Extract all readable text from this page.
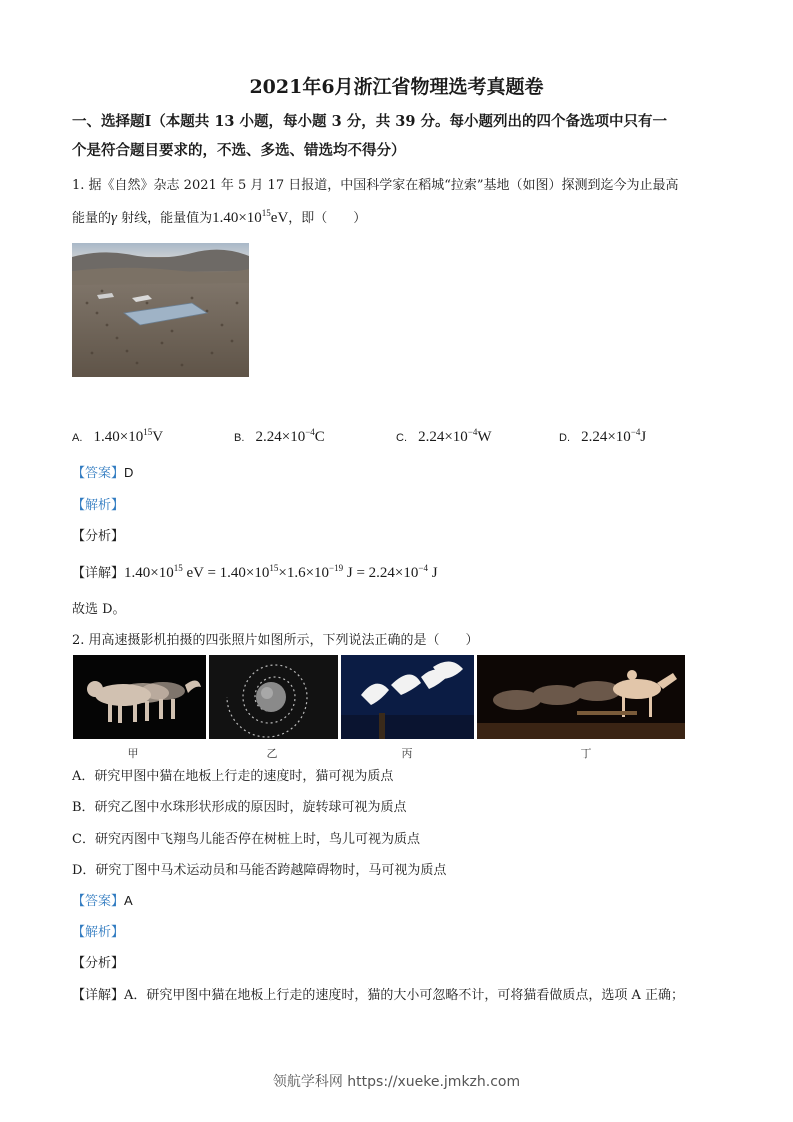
2021年6月浙江省物理选考真题卷
一、选择题Ⅰ（本题共 13 小题，每小题 3 分，共 39 分。每小题列出的四个备选项中只有一
个是符合题目要求的，不选、多选、错选均不得分）
1. 据《自然》杂志 2021 年 5 月 17 日报道，中国科学家在稻城“拉索”基地（如图）探测到迄今为止最高
能量的γ 射线，能量值为$1.40\times 10^{15}eV$，即（　　）
A. $1.40\times 10^{15}V$	B. $2.24\times 10^{-4}C$	C. $2.24\times 10^{-4}W$	D. $2.24\times 10^{-4}J$
【答案】D
【解析】
【分析】
【详解】$1.40\times 10^{15}$ eV = $1.40\times 10^{15}\times 1.6\times 10^{-19}$ $J = 2.24\times 10^{-4}$ J
故选 D。
2. 用高速摄影机拍摄的四张照片如图所示，下列说法正确的是（　　）
甲	乙	丙	丁
A．研究甲图中猫在地板上行走的速度时，猫可视为质点
B．研究乙图中水珠形状形成的原因时，旋转球可视为质点
C．研究丙图中飞翔鸟儿能否停在树桩上时，鸟儿可视为质点
D．研究丁图中马术运动员和马能否跨越障碍物时，马可视为质点
【答案】A
【解析】
【分析】
【详解】A．研究甲图中猫在地板上行走的速度时，猫的大小可忽略不计，可将猫看做质点，选项 A 正确；
领航学科网 https://xueke.jmkzh.com
